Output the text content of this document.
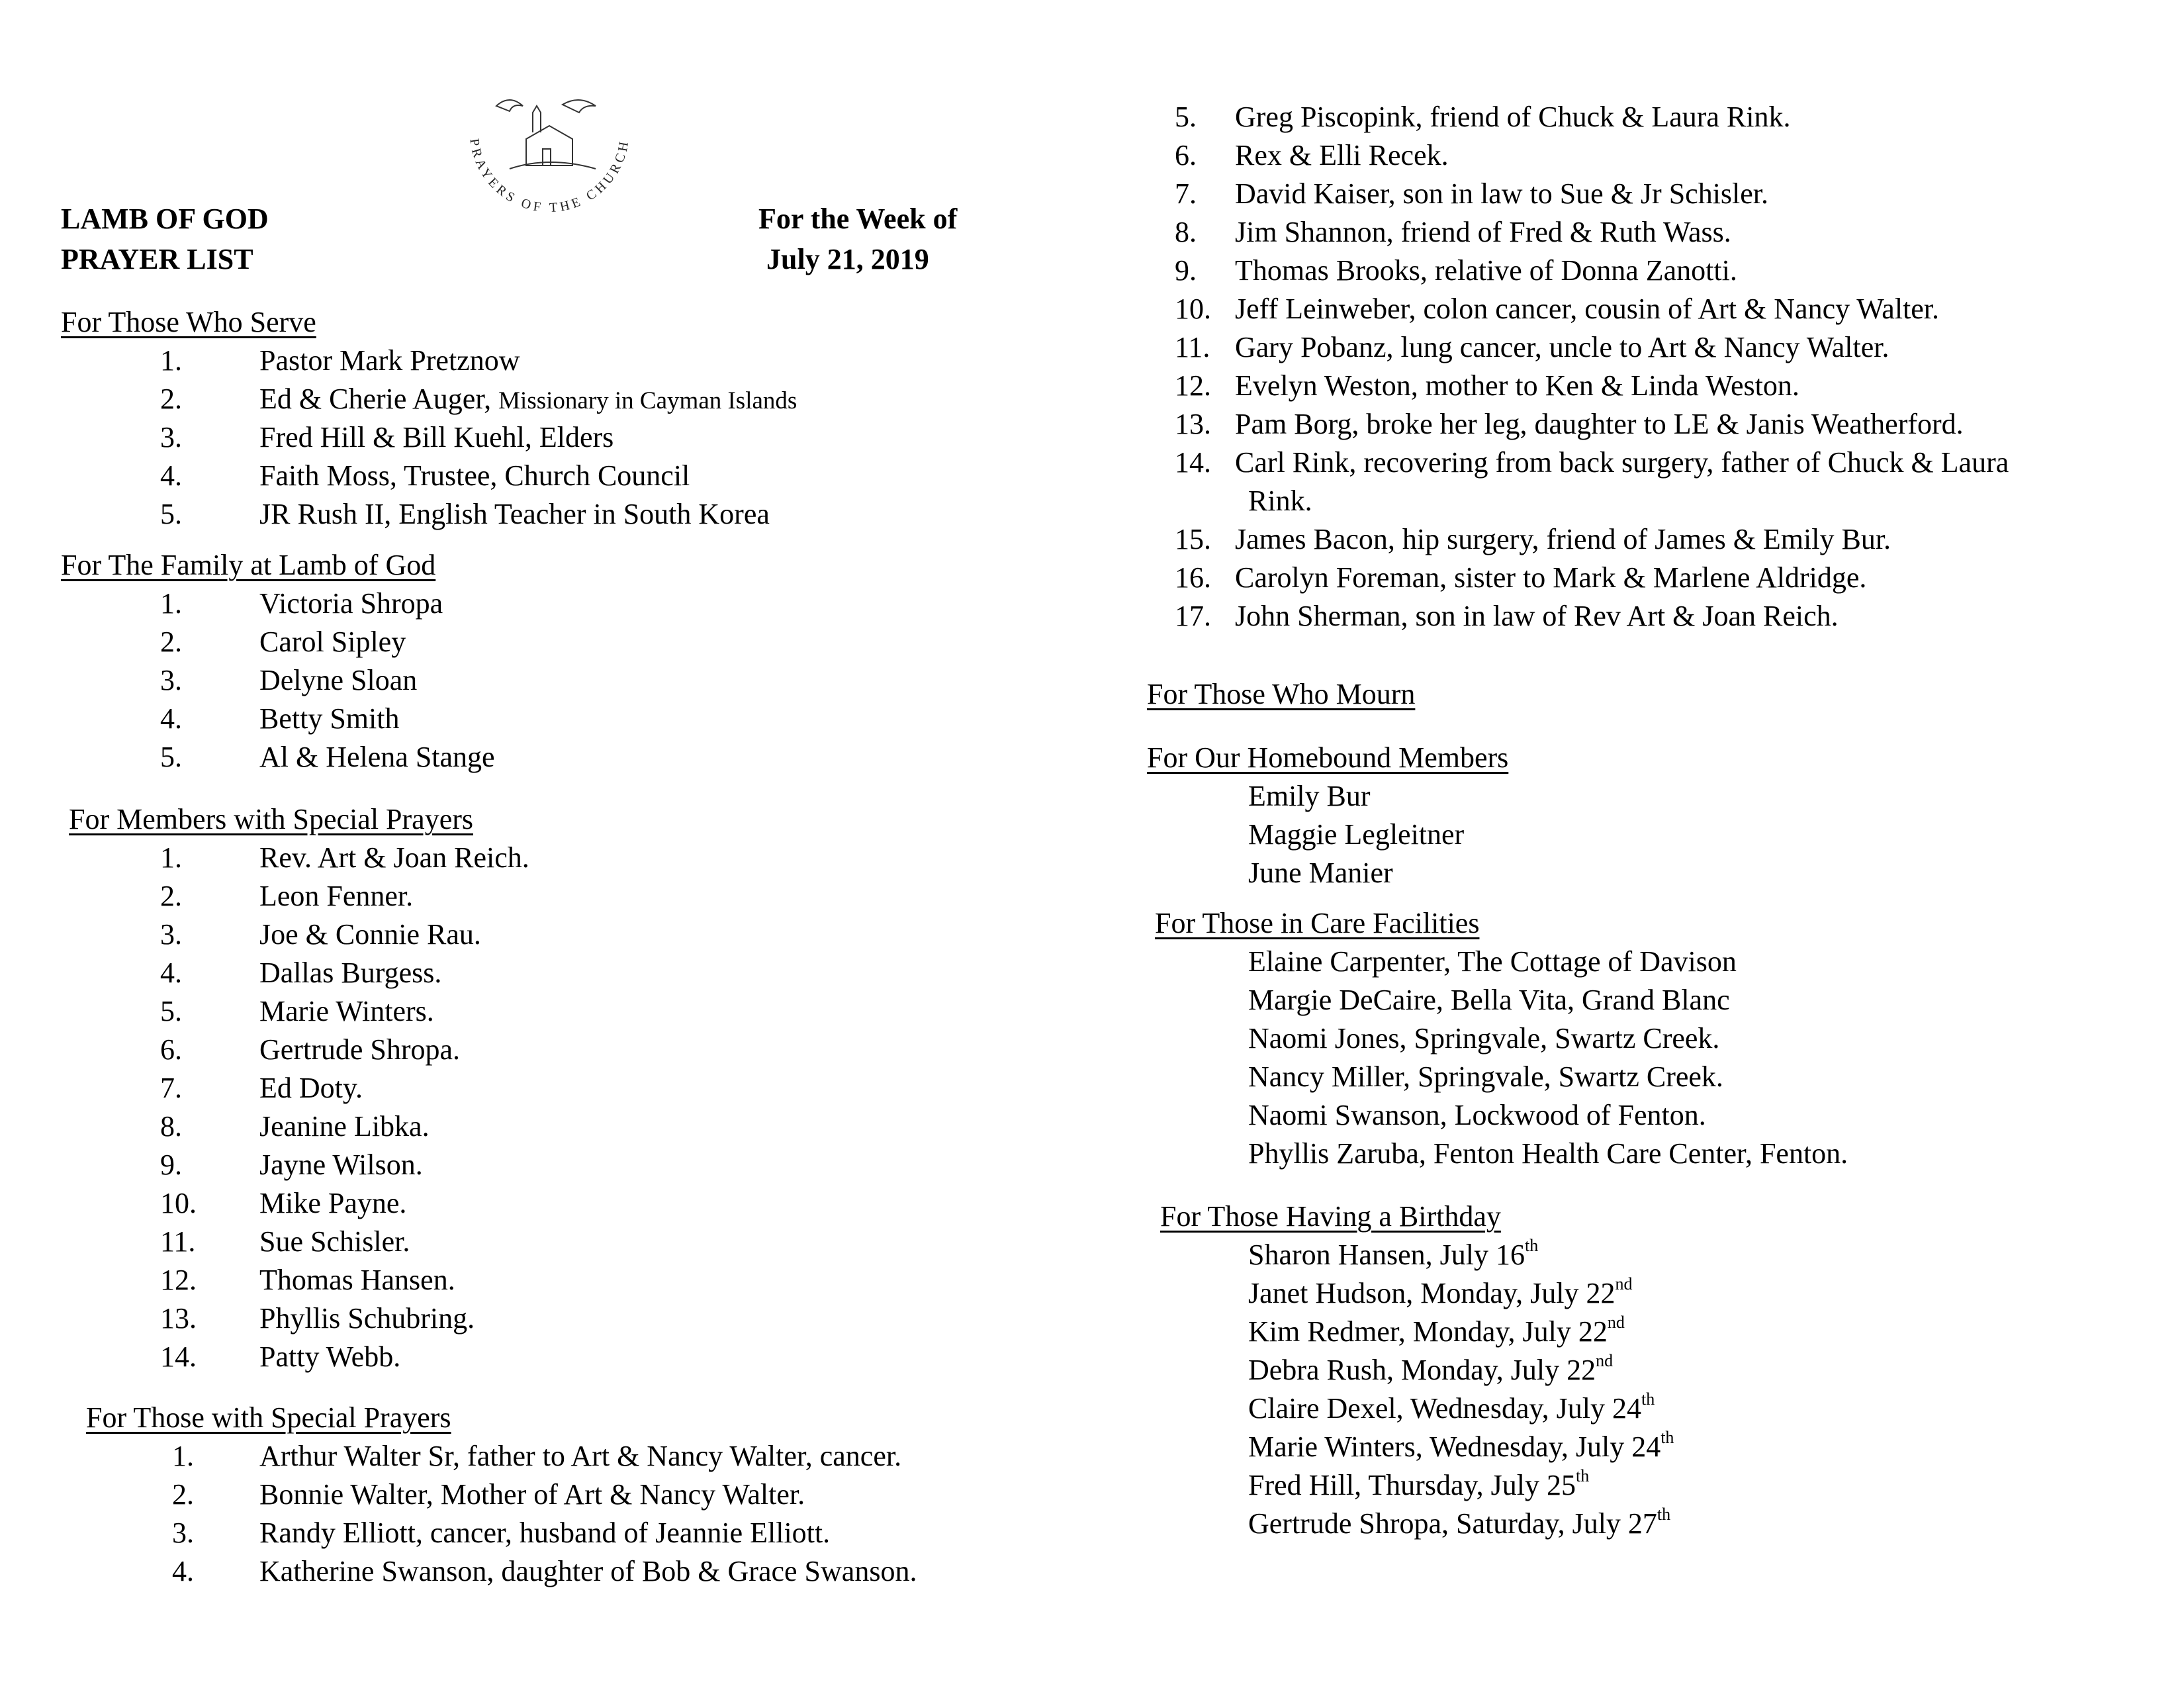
PRAYERS OF THE CHURCH
LAMB OF GOD
PRAYER LIST
For the Week of
July 21, 2019
For Those Who Serve
1.	Pastor Mark Pretznow
2.	Ed & Cherie Auger, Missionary in Cayman Islands
3.	Fred Hill & Bill Kuehl, Elders
4.	Faith Moss, Trustee, Church Council
5.	JR Rush II, English Teacher in South Korea
For The Family at Lamb of God
1.	Victoria Shropa
2.	Carol Sipley
3.	Delyne Sloan
4.	Betty Smith
5.	Al & Helena Stange
For Members with Special Prayers
1.	Rev. Art & Joan Reich.
2.	Leon Fenner.
3.	Joe & Connie Rau.
4.	Dallas Burgess.
5.	Marie Winters.
6.	Gertrude Shropa.
7.	Ed Doty.
8.	Jeanine Libka.
9.	Jayne Wilson.
10. Mike Payne.
11. Sue Schisler.
12. Thomas Hansen.
13. Phyllis Schubring.
14. Patty Webb.
For Those with Special Prayers
1. Arthur Walter Sr, father to Art & Nancy Walter, cancer.
2. Bonnie Walter, Mother of Art & Nancy Walter.
3. Randy Elliott, cancer, husband of Jeannie Elliott.
4. Katherine Swanson, daughter of Bob & Grace Swanson.
5. Greg Piscopink, friend of Chuck & Laura Rink.
6. Rex & Elli Recek.
7. David Kaiser, son in law to Sue & Jr Schisler.
8. Jim Shannon, friend of Fred & Ruth Wass.
9. Thomas Brooks, relative of Donna Zanotti.
10. Jeff Leinweber, colon cancer, cousin of Art & Nancy Walter.
11. Gary Pobanz, lung cancer, uncle to Art & Nancy Walter.
12. Evelyn Weston, mother to Ken & Linda Weston.
13. Pam Borg, broke her leg, daughter to LE & Janis Weatherford.
14. Carl Rink, recovering from back surgery, father of Chuck & Laura
Rink.
15. James Bacon, hip surgery, friend of James & Emily Bur.
16. Carolyn Foreman, sister to Mark & Marlene Aldridge.
17. John Sherman, son in law of Rev Art & Joan Reich.
For Those Who Mourn
For Our Homebound Members
Emily Bur
Maggie Legleitner
June Manier
For Those in Care Facilities
Elaine Carpenter, The Cottage of Davison
Margie DeCaire, Bella Vita, Grand Blanc
Naomi Jones, Springvale, Swartz Creek.
Nancy Miller, Springvale, Swartz Creek.
Naomi Swanson, Lockwood of Fenton.
Phyllis Zaruba, Fenton Health Care Center, Fenton.
For Those Having a Birthday
Sharon Hansen, July 16th
Janet Hudson, Monday, July 22nd
Kim Redmer, Monday, July 22nd
Debra Rush, Monday, July 22nd
Claire Dexel, Wednesday, July 24th
Marie Winters, Wednesday, July 24th
Fred Hill, Thursday, July 25th
Gertrude Shropa, Saturday, July 27th
